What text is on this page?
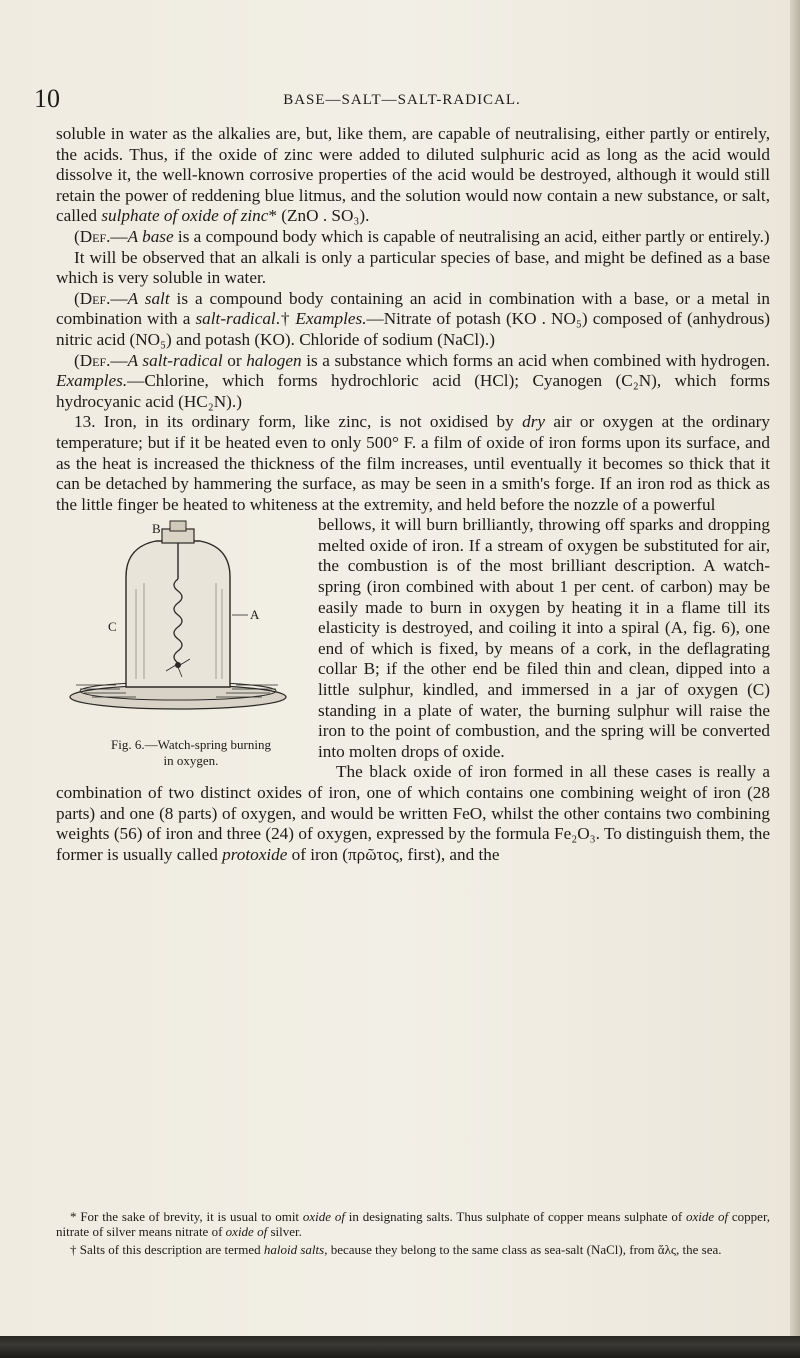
10	BASE—SALT—SALT-RADICAL.

soluble in water as the alkalies are, but, like them, are capable of neutralising, either partly or entirely, the acids. Thus, if the oxide of zinc were added to diluted sulphuric acid as long as the acid would dissolve it, the well-known corrosive properties of the acid would be destroyed, although it would still retain the power of reddening blue litmus, and the solution would now contain a new substance, or salt, called sulphate of oxide of zinc* (ZnO . SO₃).

(Def.—A base is a compound body which is capable of neutralising an acid, either partly or entirely.)

It will be observed that an alkali is only a particular species of base, and might be defined as a base which is very soluble in water.

(Def.—A salt is a compound body containing an acid in combination with a base, or a metal in combination with a salt-radical.† Examples.—Nitrate of potash (KO . NO₅) composed of (anhydrous) nitric acid (NO₅) and potash (KO). Chloride of sodium (NaCl).)

(Def.—A salt-radical or halogen is a substance which forms an acid when combined with hydrogen. Examples.—Chlorine, which forms hydrochloric acid (HCl); Cyanogen (C₂N), which forms hydrocyanic acid (HC₂N).)

13. Iron, in its ordinary form, like zinc, is not oxidised by dry air or oxygen at the ordinary temperature; but if it be heated even to only 500° F. a film of oxide of iron forms upon its surface, and as the heat is increased the thickness of the film increases, until eventually it becomes so thick that it can be detached by hammering the surface, as may be seen in a smith's forge. If an iron rod as thick as the little finger be heated to whiteness at the extremity, and held before the nozzle of a powerful

B
A
C
Fig. 6.—Watch-spring burning
in oxygen.
bellows, it will burn brilliantly, throwing off sparks and dropping melted oxide of iron. If a stream of oxygen be substituted for air, the combustion is of the most brilliant description. A watch-spring (iron combined with about 1 per cent. of carbon) may be easily made to burn in oxygen by heating it in a flame till its elasticity is destroyed, and coiling it into a spiral (A, fig. 6), one end of which is fixed, by means of a cork, in the deflagrating collar B; if the other end be filed thin and clean, dipped into a little sulphur, kindled, and immersed in a jar of oxygen (C) standing in a plate of water, the burning sulphur will raise the iron to the point of combustion, and the spring will be converted into molten drops of oxide.

The black oxide of iron formed in all these cases is really a combination of two distinct oxides of iron, one of which contains one combining weight of iron (28 parts) and one (8 parts) of oxygen, and would be written FeO, whilst the other contains two combining weights (56) of iron and three (24) of oxygen, expressed by the formula Fe₂O₃. To distinguish them, the former is usually called protoxide of iron (πρῶτος, first), and the

* For the sake of brevity, it is usual to omit oxide of in designating salts. Thus sulphate of copper means sulphate of oxide of copper, nitrate of silver means nitrate of oxide of silver.

† Salts of this description are termed haloid salts, because they belong to the same class as sea-salt (NaCl), from ἅλς, the sea.
